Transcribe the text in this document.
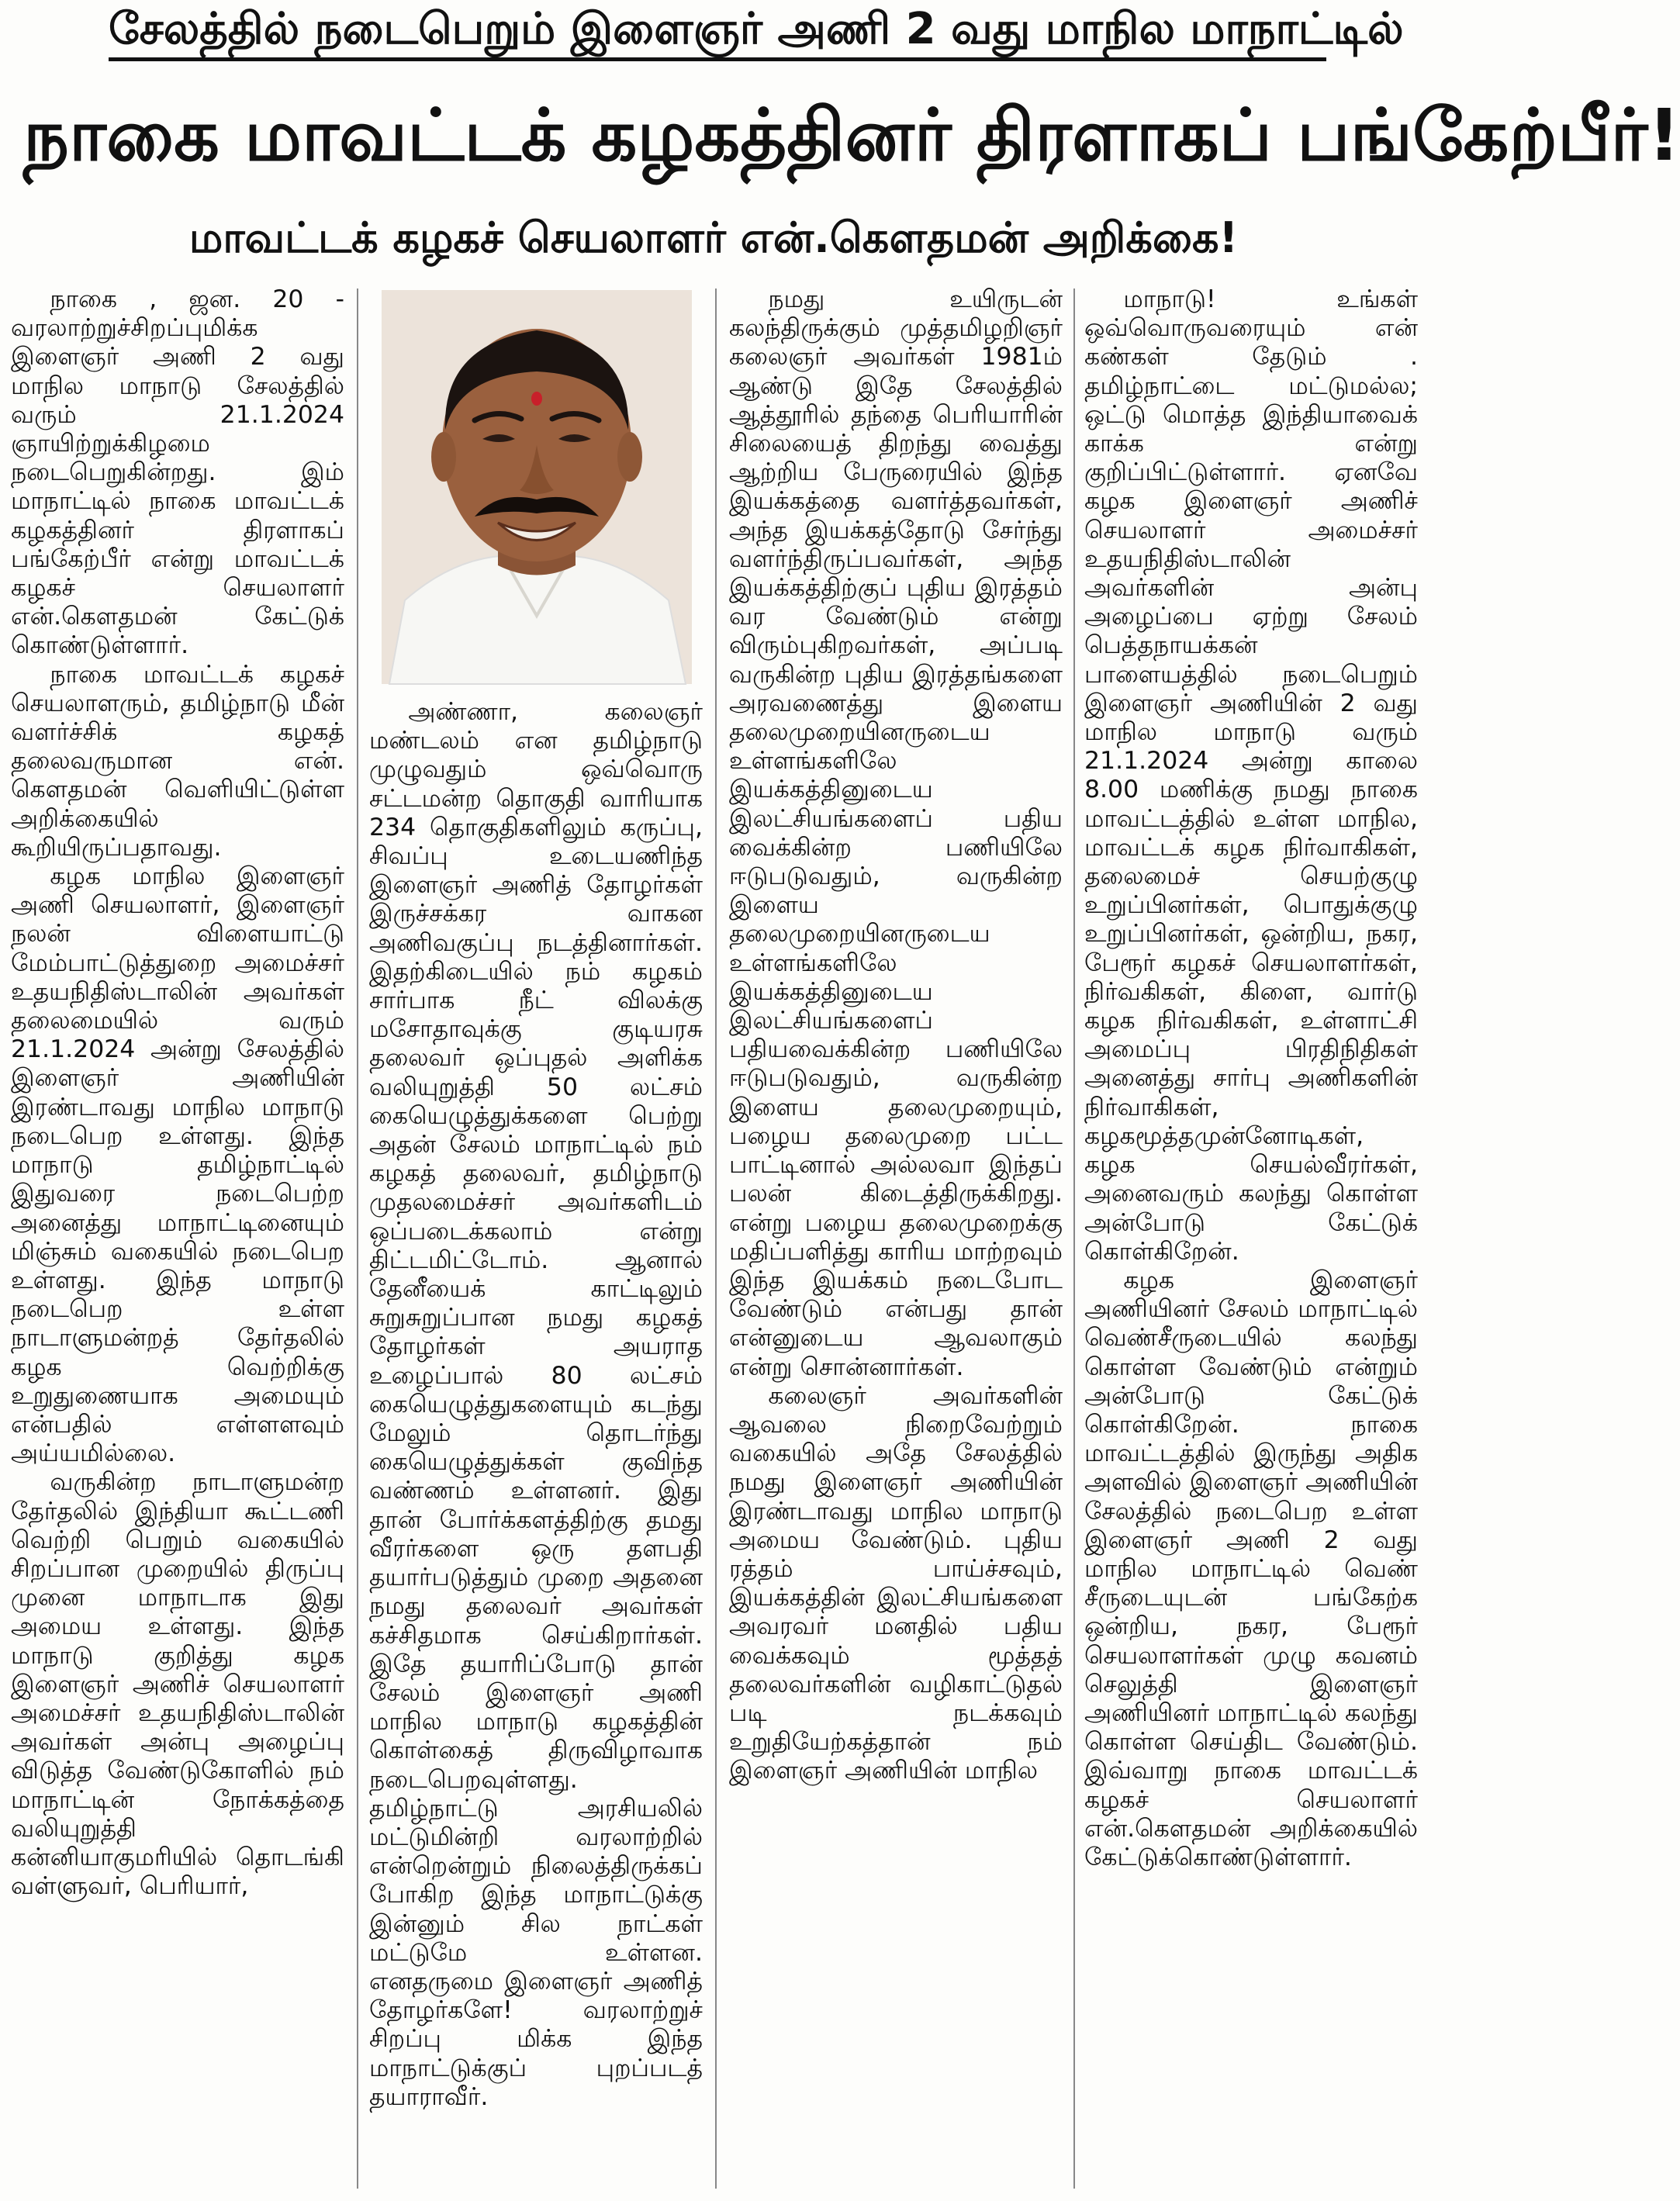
சேலத்தில் நடைபெறும் இளைஞர் அணி 2 வது மாநில மாநாட்டில்
நாகை மாவட்டக் கழகத்தினர் திரளாகப் பங்கேற்பீர்!
மாவட்டக் கழகச் செயலாளர் என்.கௌதமன் அறிக்கை!

நாகை , ஜன. 20 - வரலாற்றுச்சிறப்புமிக்க இளைஞர் அணி 2 வது மாநில மாநாடு சேலத்தில் வரும் 21.1.2024 ஞாயிற்றுக்கிழமை நடைபெறுகின்றது. இம் மாநாட்டில் நாகை மாவட்டக் கழகத்தினர் திரளாகப் பங்கேற்பீர் என்று மாவட்டக் கழகச் செயலாளர் என்.கௌதமன் கேட்டுக் கொண்டுள்ளார்.

நாகை மாவட்டக் கழகச் செயலாளரும், தமிழ்நாடு மீன் வளர்ச்சிக் கழகத் தலைவருமான என். கௌதமன் வெளியிட்டுள்ள அறிக்கையில் கூறியிருப்பதாவது.

கழக மாநில இளைஞர் அணி செயலாளர், இளைஞர் நலன் விளையாட்டு மேம்பாட்டுத்துறை அமைச்சர் உதயநிதிஸ்டாலின் அவர்கள் தலைமையில் வரும் 21.1.2024 அன்று சேலத்தில் இளைஞர் அணியின் இரண்டாவது மாநில மாநாடு நடைபெற உள்ளது. இந்த மாநாடு தமிழ்நாட்டில் இதுவரை நடைபெற்ற அனைத்து மாநாட்டினையும் மிஞ்சும் வகையில் நடைபெற உள்ளது. இந்த மாநாடு நடைபெற உள்ள நாடாளுமன்றத் தேர்தலில் கழக வெற்றிக்கு உறுதுணையாக அமையும் என்பதில் எள்ளளவும் அய்யமில்லை.

வருகின்ற நாடாளுமன்ற தேர்தலில் இந்தியா கூட்டணி வெற்றி பெறும் வகையில் சிறப்பான முறையில் திருப்பு முனை மாநாடாக இது அமைய உள்ளது. இந்த மாநாடு குறித்து கழக இளைஞர் அணிச் செயலாளர் அமைச்சர் உதயநிதிஸ்டாலின் அவர்கள் அன்பு அழைப்பு விடுத்த வேண்டுகோளில் நம் மாநாட்டின் நோக்கத்தை வலியுறுத்தி கன்னியாகுமரியில் தொடங்கி வள்ளுவர், பெரியார்,

அண்ணா, கலைஞர் மண்டலம் என தமிழ்நாடு முழுவதும் ஒவ்வொரு சட்டமன்ற தொகுதி வாரியாக 234 தொகுதிகளிலும் கருப்பு, சிவப்பு உடையணிந்த இளைஞர் அணித் தோழர்கள் இருச்சக்கர வாகன அணிவகுப்பு நடத்தினார்கள். இதற்கிடையில் நம் கழகம் சார்பாக நீட் விலக்கு மசோதாவுக்கு குடியரசு தலைவர் ஒப்புதல் அளிக்க வலியுறுத்தி 50 லட்சம் கையெழுத்துக்களை பெற்று அதன் சேலம் மாநாட்டில் நம் கழகத் தலைவர், தமிழ்நாடு முதலமைச்சர் அவர்களிடம் ஒப்படைக்கலாம் என்று திட்டமிட்டோம். ஆனால் தேனீயைக் காட்டிலும் சுறுசுறுப்பான நமது கழகத் தோழர்கள் அயராத உழைப்பால் 80 லட்சம் கையெழுத்துகளையும் கடந்து மேலும் தொடர்ந்து கையெழுத்துக்கள் குவிந்த வண்ணம் உள்ளனர். இது தான் போர்க்களத்திற்கு தமது வீரர்களை ஒரு தளபதி தயார்படுத்தும் முறை அதனை நமது தலைவர் அவர்கள் கச்சிதமாக செய்கிறார்கள். இதே தயாரிப்போடு தான் சேலம் இளைஞர் அணி மாநில மாநாடு கழகத்தின் கொள்கைத் திருவிழாவாக நடைபெறவுள்ளது. தமிழ்நாட்டு அரசியலில் மட்டுமின்றி வரலாற்றில் என்றென்றும் நிலைத்திருக்கப் போகிற இந்த மாநாட்டுக்கு இன்னும் சில நாட்கள் மட்டுமே உள்ளன. எனதருமை இளைஞர் அணித் தோழர்களே! வரலாற்றுச் சிறப்பு மிக்க இந்த மாநாட்டுக்குப் புறப்படத் தயாராவீர்.

நமது உயிருடன் கலந்திருக்கும் முத்தமிழறிஞர் கலைஞர் அவர்கள் 1981ம் ஆண்டு இதே சேலத்தில் ஆத்தூரில் தந்தை பெரியாரின் சிலையைத் திறந்து வைத்து ஆற்றிய பேருரையில் இந்த இயக்கத்தை வளர்த்தவர்கள், அந்த இயக்கத்தோடு சேர்ந்து வளர்ந்திருப்பவர்கள், அந்த இயக்கத்திற்குப் புதிய இரத்தம் வர வேண்டும் என்று விரும்புகிறவர்கள், அப்படி வருகின்ற புதிய இரத்தங்களை அரவணைத்து இளைய தலைமுறையினருடைய உள்ளங்களிலே இயக்கத்தினுடைய இலட்சியங்களைப் பதிய வைக்கின்ற பணியிலே ஈடுபடுவதும், வருகின்ற இளைய தலைமுறையினருடைய உள்ளங்களிலே இயக்கத்தினுடைய இலட்சியங்களைப் பதியவைக்கின்ற பணியிலே ஈடுபடுவதும், வருகின்ற இளைய தலைமுறையும், பழைய தலைமுறை பட்ட பாட்டினால் அல்லவா இந்தப் பலன் கிடைத்திருக்கிறது. என்று பழைய தலைமுறைக்கு மதிப்பளித்து காரிய மாற்றவும் இந்த இயக்கம் நடைபோட வேண்டும் என்பது தான் என்னுடைய ஆவலாகும் என்று சொன்னார்கள்.

கலைஞர் அவர்களின் ஆவலை நிறைவேற்றும் வகையில் அதே சேலத்தில் நமது இளைஞர் அணியின் இரண்டாவது மாநில மாநாடு அமைய வேண்டும். புதிய ரத்தம் பாய்ச்சவும், இயக்கத்தின் இலட்சியங்களை அவரவர் மனதில் பதிய வைக்கவும் மூத்தத் தலைவர்களின் வழிகாட்டுதல் படி நடக்கவும் உறுதியேற்கத்தான் நம் இளைஞர் அணியின் மாநில

மாநாடு! உங்கள் ஒவ்வொருவரையும் என் கண்கள் தேடும் . தமிழ்நாட்டை மட்டுமல்ல; ஒட்டு மொத்த இந்தியாவைக் காக்க என்று குறிப்பிட்டுள்ளார். ஏனவே கழக இளைஞர் அணிச் செயலாளர் அமைச்சர் உதயநிதிஸ்டாலின் அவர்களின் அன்பு அழைப்பை ஏற்று சேலம் பெத்தநாயக்கன் பாளையத்தில் நடைபெறும் இளைஞர் அணியின் 2 வது மாநில மாநாடு வரும் 21.1.2024 அன்று காலை 8.00 மணிக்கு நமது நாகை மாவட்டத்தில் உள்ள மாநில, மாவட்டக் கழக நிர்வாகிகள், தலைமைச் செயற்குழு உறுப்பினர்கள், பொதுக்குழு உறுப்பினர்கள், ஒன்றிய, நகர, பேரூர் கழகச் செயலாளர்கள், நிர்வகிகள், கிளை, வார்டு கழக நிர்வகிகள், உள்ளாட்சி அமைப்பு பிரதிநிதிகள் அனைத்து சார்பு அணிகளின் நிர்வாகிகள், கழகமூத்தமுன்னோடிகள், கழக செயல்வீரர்கள், அனைவரும் கலந்து கொள்ள அன்போடு கேட்டுக் கொள்கிறேன்.

கழக இளைஞர் அணியினர் சேலம் மாநாட்டில் வெண்சீருடையில் கலந்து கொள்ள வேண்டும் என்றும் அன்போடு கேட்டுக் கொள்கிறேன். நாகை மாவட்டத்தில் இருந்து அதிக அளவில் இளைஞர் அணியின் சேலத்தில் நடைபெற உள்ள இளைஞர் அணி 2 வது மாநில மாநாட்டில் வெண் சீருடையுடன் பங்கேற்க ஒன்றிய, நகர, பேரூர் செயலாளர்கள் முழு கவனம் செலுத்தி இளைஞர் அணியினர் மாநாட்டில் கலந்து கொள்ள செய்திட வேண்டும். இவ்வாறு நாகை மாவட்டக் கழகச் செயலாளர் என்.கௌதமன் அறிக்கையில் கேட்டுக்கொண்டுள்ளார்.
